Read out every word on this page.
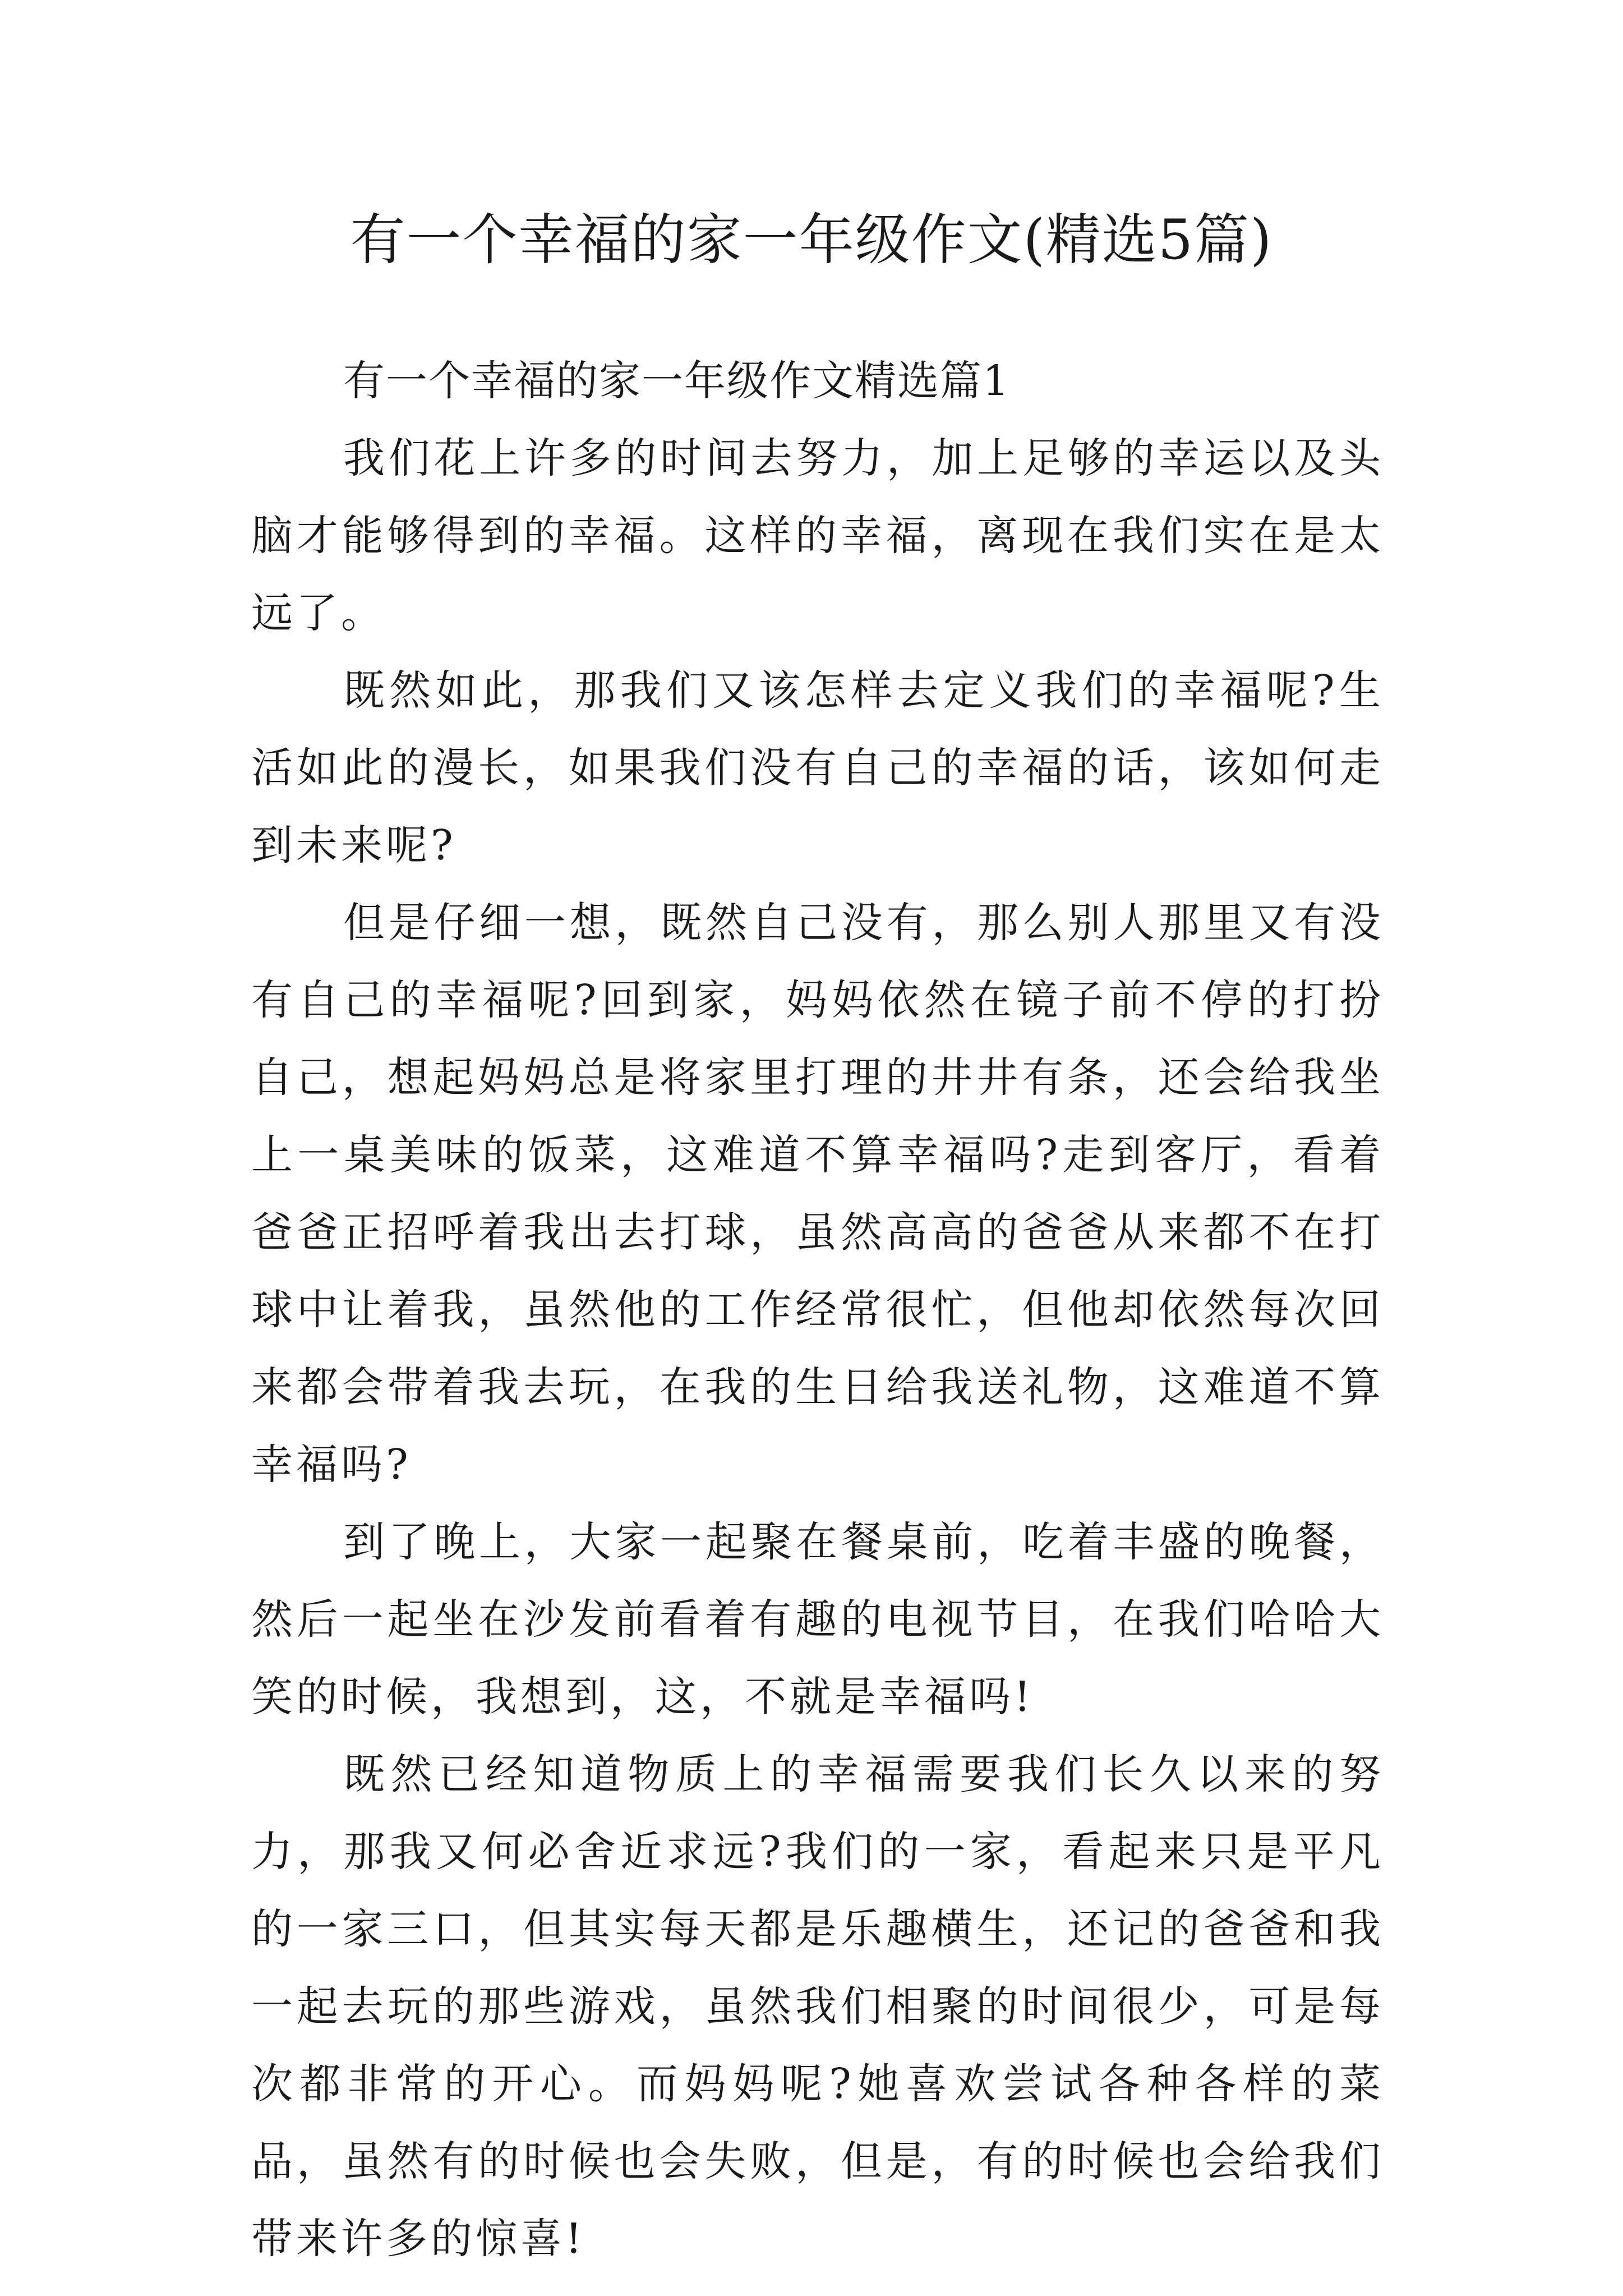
有一个幸福的家一年级作文(精选5篇)

有一个幸福的家一年级作文精选篇1

我们花上许多的时间去努力，加上足够的幸运以及头脑才能够得到的幸福。这样的幸福，离现在我们实在是太远了。

既然如此，那我们又该怎样去定义我们的幸福呢?生活如此的漫长，如果我们没有自己的幸福的话，该如何走到未来呢?

但是仔细一想，既然自己没有，那么别人那里又有没有自己的幸福呢?回到家，妈妈依然在镜子前不停的打扮自己，想起妈妈总是将家里打理的井井有条，还会给我坐上一桌美味的饭菜，这难道不算幸福吗?走到客厅，看着爸爸正招呼着我出去打球，虽然高高的爸爸从来都不在打球中让着我，虽然他的工作经常很忙，但他却依然每次回来都会带着我去玩，在我的生日给我送礼物，这难道不算幸福吗?

到了晚上，大家一起聚在餐桌前，吃着丰盛的晚餐，然后一起坐在沙发前看着有趣的电视节目，在我们哈哈大笑的时候，我想到，这，不就是幸福吗!

既然已经知道物质上的幸福需要我们长久以来的努力，那我又何必舍近求远?我们的一家，看起来只是平凡的一家三口，但其实每天都是乐趣横生，还记的爸爸和我一起去玩的那些游戏，虽然我们相聚的时间很少，可是每次都非常的开心。而妈妈呢?她喜欢尝试各种各样的菜品，虽然有的时候也会失败，但是，有的时候也会给我们带来许多的惊喜!
